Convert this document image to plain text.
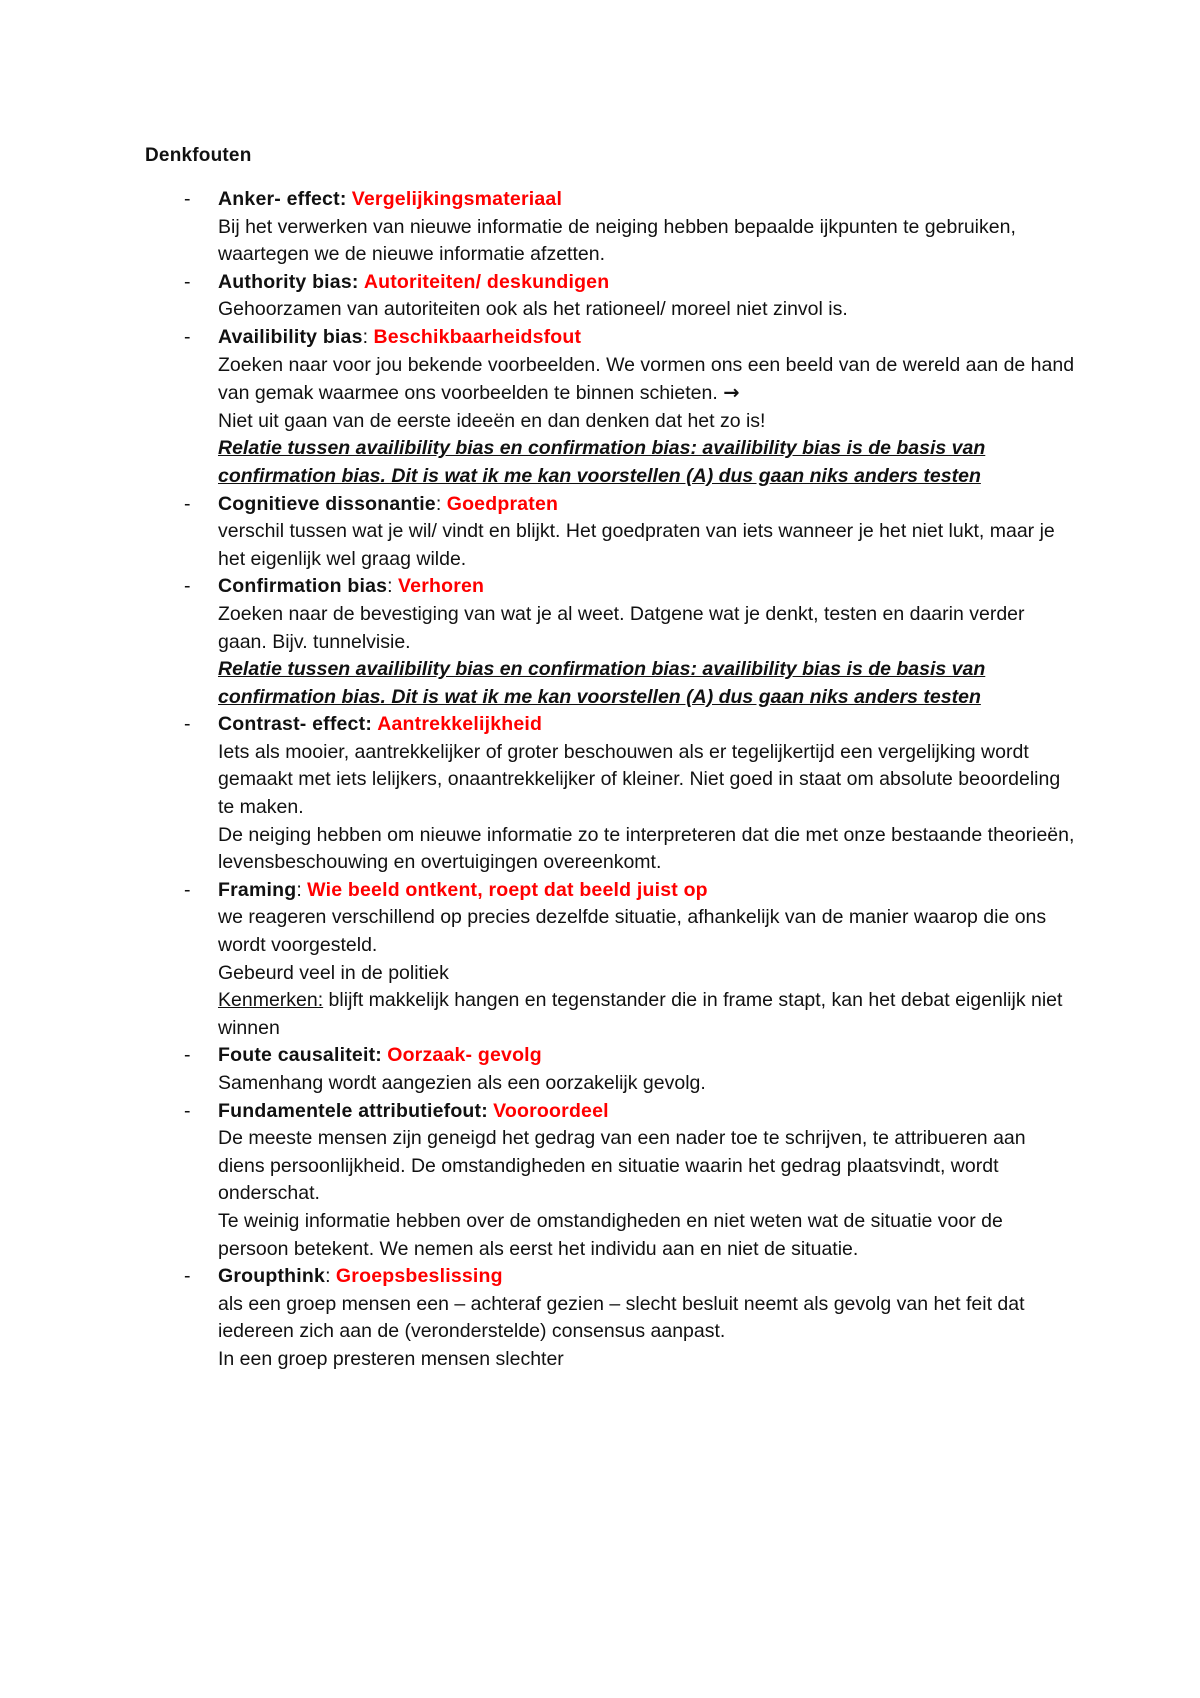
Denkfouten
- Anker- effect: Vergelijkingsmateriaal
Bij het verwerken van nieuwe informatie de neiging hebben bepaalde ijkpunten te gebruiken, waartegen we de nieuwe informatie afzetten.
- Authority bias: Autoriteiten/ deskundigen
Gehoorzamen van autoriteiten ook als het rationeel/ moreel niet zinvol is.
- Availibility bias: Beschikbaarheidsfout
Zoeken naar voor jou bekende voorbeelden. We vormen ons een beeld van de wereld aan de hand van gemak waarmee ons voorbeelden te binnen schieten. →
Niet uit gaan van de eerste ideeën en dan denken dat het zo is!
Relatie tussen availibility bias en confirmation bias: availibility bias is de basis van confirmation bias. Dit is wat ik me kan voorstellen (A) dus gaan niks anders testen
- Cognitieve dissonantie: Goedpraten
verschil tussen wat je wil/ vindt en blijkt. Het goedpraten van iets wanneer je het niet lukt, maar je het eigenlijk wel graag wilde.
- Confirmation bias: Verhoren
Zoeken naar de bevestiging van wat je al weet. Datgene wat je denkt, testen en daarin verder gaan. Bijv. tunnelvisie.
Relatie tussen availibility bias en confirmation bias: availibility bias is de basis van confirmation bias. Dit is wat ik me kan voorstellen (A) dus gaan niks anders testen
- Contrast- effect: Aantrekkelijkheid
Iets als mooier, aantrekkelijker of groter beschouwen als er tegelijkertijd een vergelijking wordt gemaakt met iets lelijkers, onaantrekkelijker of kleiner. Niet goed in staat om absolute beoordeling te maken.
De neiging hebben om nieuwe informatie zo te interpreteren dat die met onze bestaande theorieën, levensbeschouwing en overtuigingen overeenkomt.
- Framing: Wie beeld ontkent, roept dat beeld juist op
we reageren verschillend op precies dezelfde situatie, afhankelijk van de manier waarop die ons wordt voorgesteld.
Gebeurd veel in de politiek
Kenmerken: blijft makkelijk hangen en tegenstander die in frame stapt, kan het debat eigenlijk niet winnen
- Foute causaliteit: Oorzaak- gevolg
Samenhang wordt aangezien als een oorzakelijk gevolg.
- Fundamentele attributiefout: Vooroordeel
De meeste mensen zijn geneigd het gedrag van een nader toe te schrijven, te attribueren aan diens persoonlijkheid. De omstandigheden en situatie waarin het gedrag plaatsvindt, wordt onderschat.
Te weinig informatie hebben over de omstandigheden en niet weten wat de situatie voor de persoon betekent. We nemen als eerst het individu aan en niet de situatie.
- Groupthink: Groepsbeslissing
als een groep mensen een – achteraf gezien – slecht besluit neemt als gevolg van het feit dat iedereen zich aan de (veronderstelde) consensus aanpast.
In een groep presteren mensen slechter
